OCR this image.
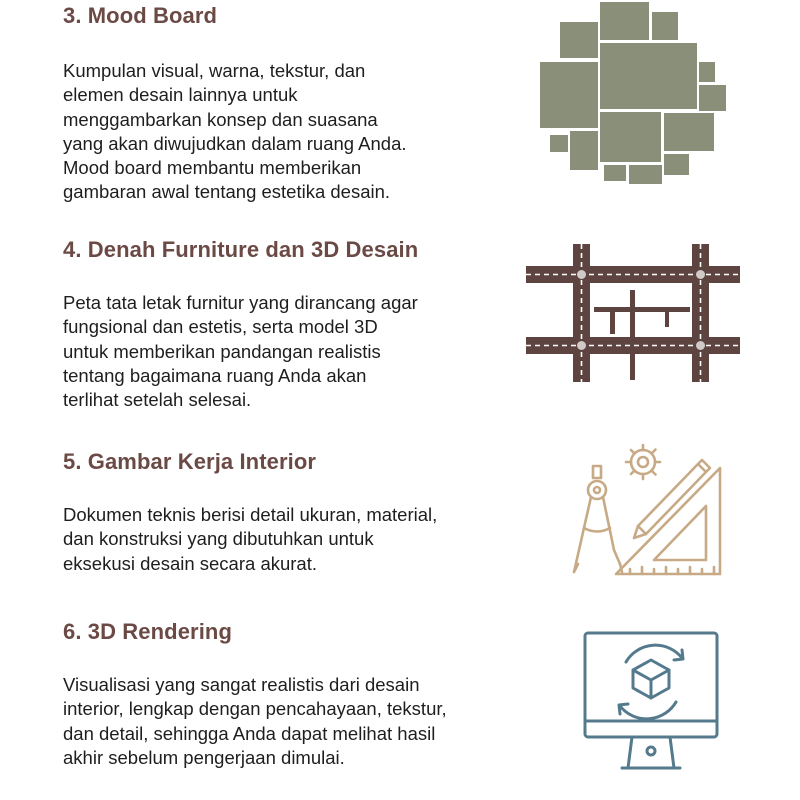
3. Mood Board

Kumpulan visual, warna, tekstur, dan
elemen desain lainnya untuk
menggambarkan konsep dan suasana
yang akan diwujudkan dalam ruang Anda.
Mood board membantu memberikan
gambaran awal tentang estetika desain.

4. Denah Furniture dan 3D Desain

Peta tata letak furnitur yang dirancang agar
fungsional dan estetis, serta model 3D
untuk memberikan pandangan realistis
tentang bagaimana ruang Anda akan
terlihat setelah selesai.

5. Gambar Kerja Interior

Dokumen teknis berisi detail ukuran, material,
dan konstruksi yang dibutuhkan untuk
eksekusi desain secara akurat.

6. 3D Rendering

Visualisasi yang sangat realistis dari desain
interior, lengkap dengan pencahayaan, tekstur,
dan detail, sehingga Anda dapat melihat hasil
akhir sebelum pengerjaan dimulai.
